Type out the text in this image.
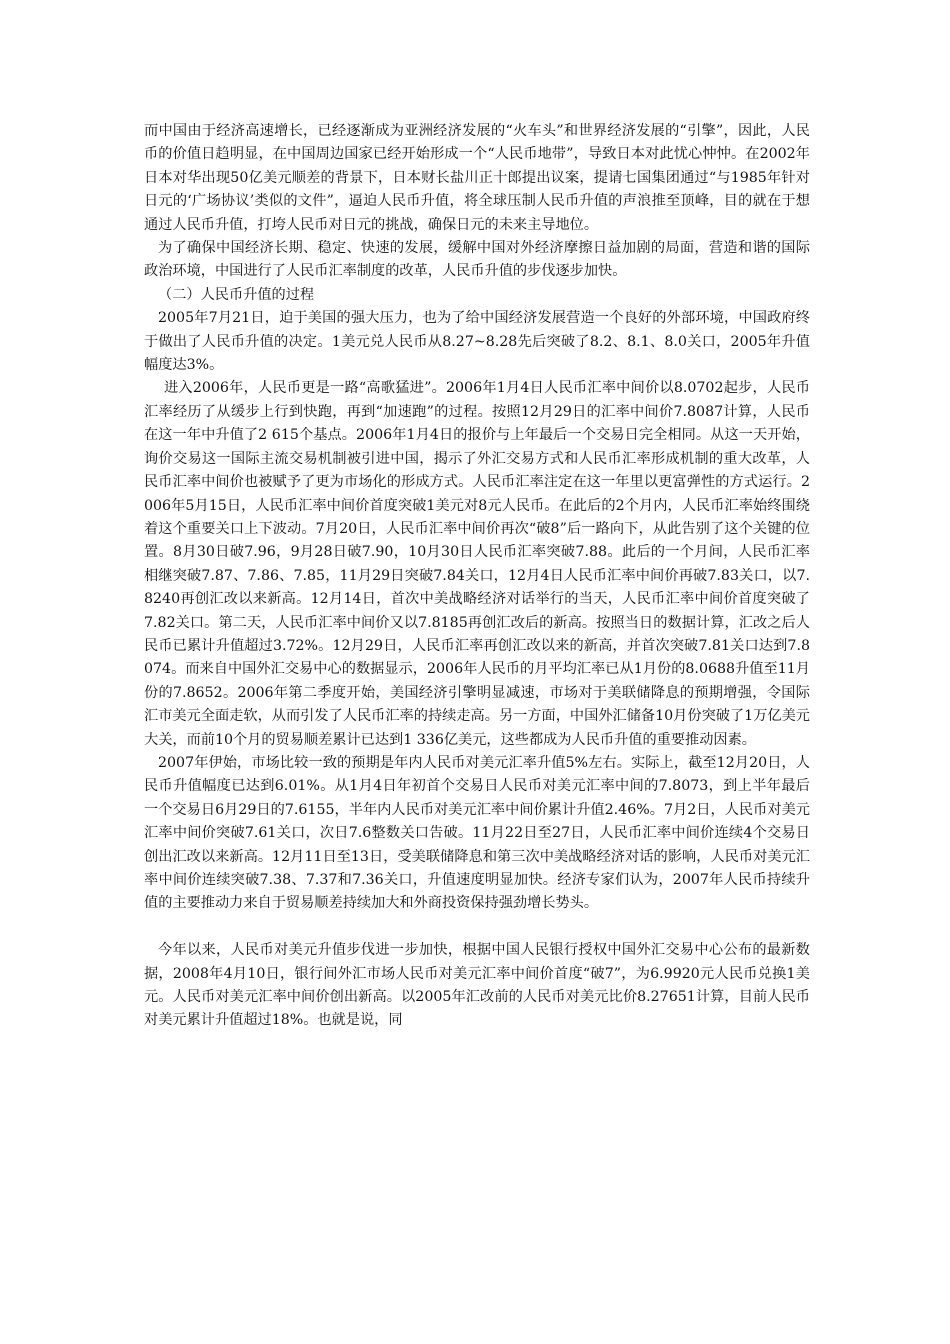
而中国由于经济高速增长，已经逐渐成为亚洲经济发展的“火车头”和世界经济发展的“引擎”，因此，人民币的价值日趋明显，在中国周边国家已经开始形成一个“人民币地带”，导致日本对此忧心忡忡。在2002年日本对华出现50亿美元顺差的背景下，日本财长盐川正十郎提出议案，提请七国集团通过“与1985年针对日元的‘广场协议’类似的文件”，逼迫人民币升值，将全球压制人民币升值的声浪推至顶峰，目的就在于想通过人民币升值，打垮人民币对日元的挑战，确保日元的未来主导地位。

为了确保中国经济长期、稳定、快速的发展，缓解中国对外经济摩擦日益加剧的局面，营造和谐的国际政治环境，中国进行了人民币汇率制度的改革，人民币升值的步伐逐步加快。

（二）人民币升值的过程

2005年7月21日，迫于美国的强大压力，也为了给中国经济发展营造一个良好的外部环境，中国政府终于做出了人民币升值的决定。1美元兑人民币从8.27~8.28先后突破了8.2、8.1、8.0关口，2005年升值幅度达3%。

进入2006年，人民币更是一路“高歌猛进”。2006年1月4日人民币汇率中间价以8.0702起步，人民币汇率经历了从缓步上行到快跑，再到“加速跑”的过程。按照12月29日的汇率中间价7.8087计算，人民币在这一年中升值了2 615个基点。2006年1月4日的报价与上年最后一个交易日完全相同。从这一天开始，询价交易这一国际主流交易机制被引进中国，揭示了外汇交易方式和人民币汇率形成机制的重大改革，人民币汇率中间价也被赋予了更为市场化的形成方式。人民币汇率注定在这一年里以更富弹性的方式运行。2006年5月15日，人民币汇率中间价首度突破1美元对8元人民币。在此后的2个月内，人民币汇率始终围绕着这个重要关口上下波动。7月20日，人民币汇率中间价再次“破8”后一路向下，从此告别了这个关键的位置。8月30日破7.96，9月28日破7.90，10月30日人民币汇率突破7.88。此后的一个月间，人民币汇率相继突破7.87、7.86、7.85，11月29日突破7.84关口，12月4日人民币汇率中间价再破7.83关口，以7.8240再创汇改以来新高。12月14日，首次中美战略经济对话举行的当天，人民币汇率中间价首度突破了7.82关口。第二天，人民币汇率中间价又以7.8185再创汇改后的新高。按照当日的数据计算，汇改之后人民币已累计升值超过3.72%。12月29日，人民币汇率再创汇改以来的新高，并首次突破7.81关口达到7.8074。而来自中国外汇交易中心的数据显示，2006年人民币的月平均汇率已从1月份的8.0688升值至11月份的7.8652。2006年第二季度开始，美国经济引擎明显减速，市场对于美联储降息的预期增强，令国际汇市美元全面走软，从而引发了人民币汇率的持续走高。另一方面，中国外汇储备10月份突破了1万亿美元大关，而前10个月的贸易顺差累计已达到1 336亿美元，这些都成为人民币升值的重要推动因素。

2007年伊始，市场比较一致的预期是年内人民币对美元汇率升值5%左右。实际上，截至12月20日，人民币升值幅度已达到6.01%。从1月4日年初首个交易日人民币对美元汇率中间的7.8073，到上半年最后一个交易日6月29日的7.6155，半年内人民币对美元汇率中间价累计升值2.46%。7月2日，人民币对美元汇率中间价突破7.61关口，次日7.6整数关口告破。11月22日至27日，人民币汇率中间价连续4个交易日创出汇改以来新高。12月11日至13日，受美联储降息和第三次中美战略经济对话的影响，人民币对美元汇率中间价连续突破7.38、7.37和7.36关口，升值速度明显加快。经济专家们认为，2007年人民币持续升值的主要推动力来自于贸易顺差持续加大和外商投资保持强劲增长势头。

今年以来，人民币对美元升值步伐进一步加快，根据中国人民银行授权中国外汇交易中心公布的最新数据，2008年4月10日，银行间外汇市场人民币对美元汇率中间价首度“破7”，为6.9920元人民币兑换1美元。人民币对美元汇率中间价创出新高。以2005年汇改前的人民币对美元比价8.27651计算，目前人民币对美元累计升值超过18%。也就是说，同
